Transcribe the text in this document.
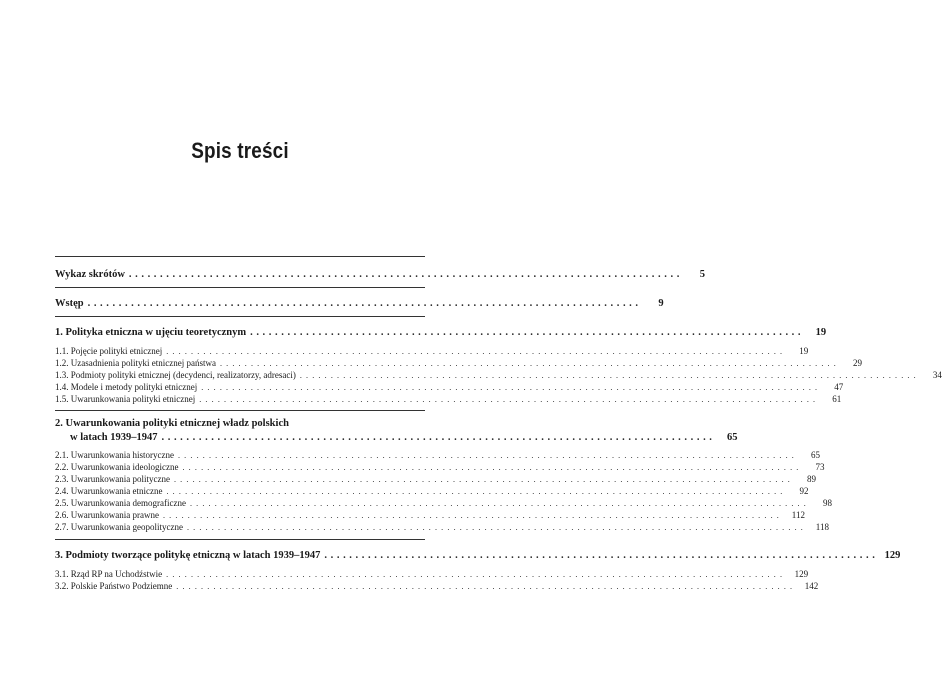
Spis treści
Wykaz skrótów .........................................................................................	5
Wstęp .........................................................................................	9
1. Polityka etniczna w ujęciu teoretycznym .........................................................................................	19
1.1. Pojęcie polityki etnicznej ....................................................................................................	19
1.2. Uzasadnienia polityki etnicznej państwa ....................................................................................................	29
1.3. Podmioty polityki etnicznej (decydenci, realizatorzy, adresaci) ....................................................................................................	34
1.4. Modele i metody polityki etnicznej ....................................................................................................	47
1.5. Uwarunkowania polityki etnicznej ....................................................................................................	61
2. Uwarunkowania polityki etnicznej władz polskich
w latach 1939–1947 .........................................................................................	65
2.1. Uwarunkowania historyczne ....................................................................................................	65
2.2. Uwarunkowania ideologiczne ....................................................................................................	73
2.3. Uwarunkowania polityczne ....................................................................................................	89
2.4. Uwarunkowania etniczne ....................................................................................................	92
2.5. Uwarunkowania demograficzne ....................................................................................................	98
2.6. Uwarunkowania prawne .................................................................................................... 112
2.7. Uwarunkowania geopolityczne .................................................................................................... 118
3. Podmioty tworzące politykę etniczną w latach 1939–1947 ......................................................................................... 129
3.1. Rząd RP na Uchodźstwie .................................................................................................... 129
3.2. Polskie Państwo Podziemne .................................................................................................... 142
